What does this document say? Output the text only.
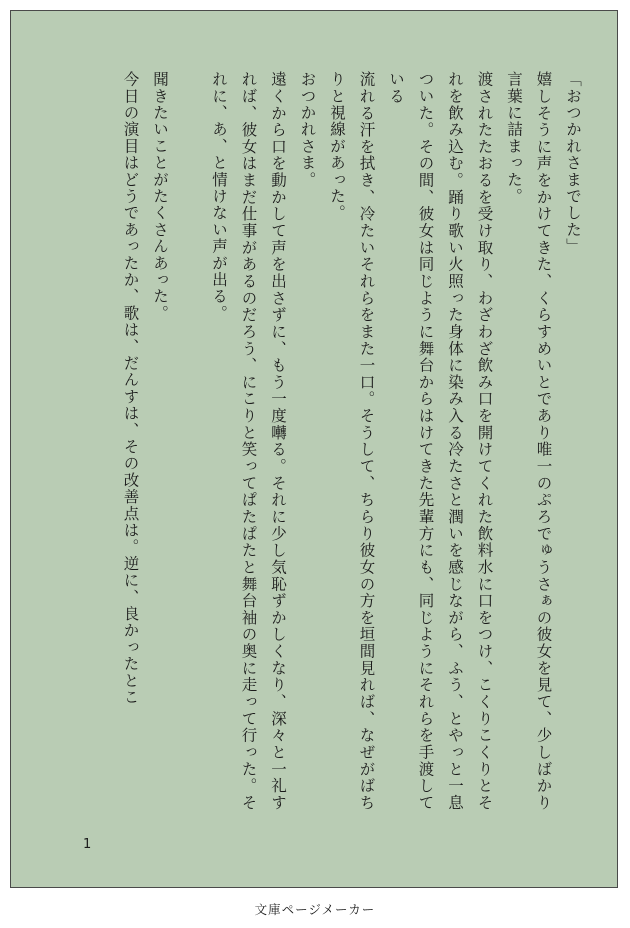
「おつかれさまでした」

嬉しそうに声をかけてきた、くらすめいとであり唯一のぷろでゅうさぁの彼女を見て、少しばかり言葉に詰まった。

渡されたたおるを受け取り、わざわざ飲み口を開けてくれた飲料水に口をつけ、こくりこくりとそれを飲み込む。踊り歌い火照った身体に染み入る冷たさと潤いを感じながら、ふう、とやっと一息ついた。その間、彼女は同じように舞台からはけてきた先輩方にも、同じようにそれらを手渡している

流れる汗を拭き、冷たいそれらをまた一口。そうして、ちらり彼女の方を垣間見れば、なぜがばちりと視線があった。

おつかれさま。

遠くから口を動かして声を出さずに、もう一度囀る。それに少し気恥ずかしくなり、深々と一礼すれば、彼女はまだ仕事があるのだろう、にこりと笑ってぱたぱたと舞台袖の奥に走って行った。それに、あ、と情けない声が出る。

聞きたいことがたくさんあった。

今日の演目はどうであったか、歌は、だんすは、その改善点は。逆に、良かったとこ

1
文庫ページメーカー
